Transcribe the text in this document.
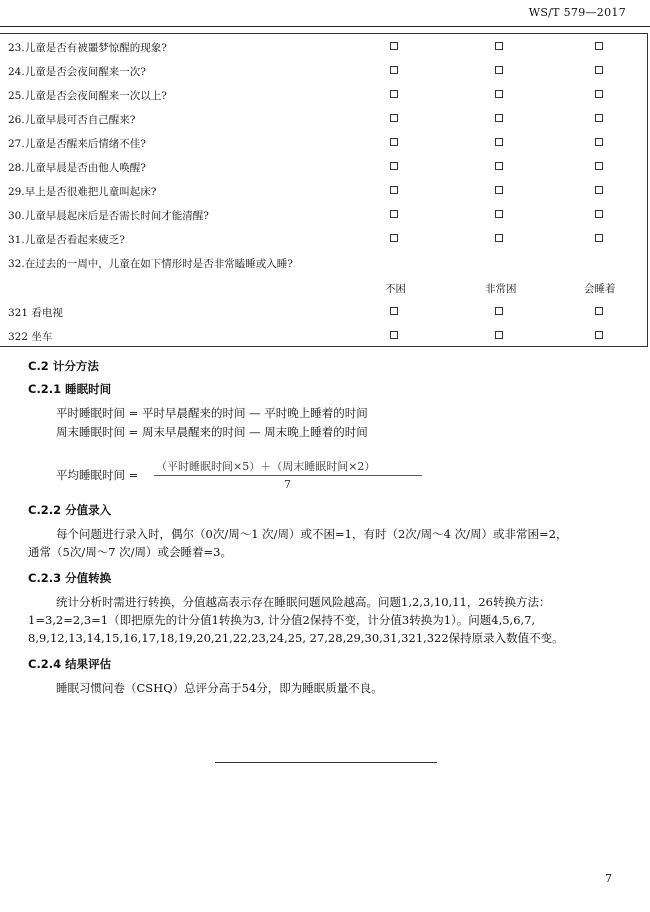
WS/T 579—2017
23.儿童是否有被噩梦惊醒的现象?
24.儿童是否会夜间醒来一次?
25.儿童是否会夜间醒来一次以上?
26.儿童早晨可否自己醒来?
27.儿童是否醒来后情绪不佳?
28.儿童早晨是否由他人唤醒?
29.早上是否很难把儿童叫起床?
30.儿童早晨起床后是否需长时间才能清醒?
31.儿童是否看起来疲乏?
32.在过去的一周中，儿童在如下情形时是否非常瞌睡或入睡?
不困	非常困	会睡着
321 看电视
322 坐车
C.2 计分方法
C.2.1 睡眠时间
平时睡眠时间 = 平时早晨醒来的时间 — 平时晚上睡着的时间
周末睡眠时间 = 周末早晨醒来的时间 — 周末晚上睡着的时间
平均睡眠时间 =
（平时睡眠时间×5）＋（周末睡眠时间×2）
7
C.2.2 分值录入
每个问题进行录入时，偶尔（0次/周～1 次/周）或不困=1，有时（2次/周～4 次/周）或非常困=2，
通常（5次/周～7 次/周）或会睡着=3。
C.2.3 分值转换
统计分析时需进行转换，分值越高表示存在睡眠问题风险越高。问题1,2,3,10,11，26转换方法：
1=3,2=2,3=1（即把原先的计分值1转换为3, 计分值2保持不变，计分值3转换为1）。问题4,5,6,7,
8,9,12,13,14,15,16,17,18,19,20,21,22,23,24,25, 27,28,29,30,31,321,322保持原录入数值不变。
C.2.4 结果评估
睡眠习惯问卷（CSHQ）总评分高于54分，即为睡眠质量不良。
7
